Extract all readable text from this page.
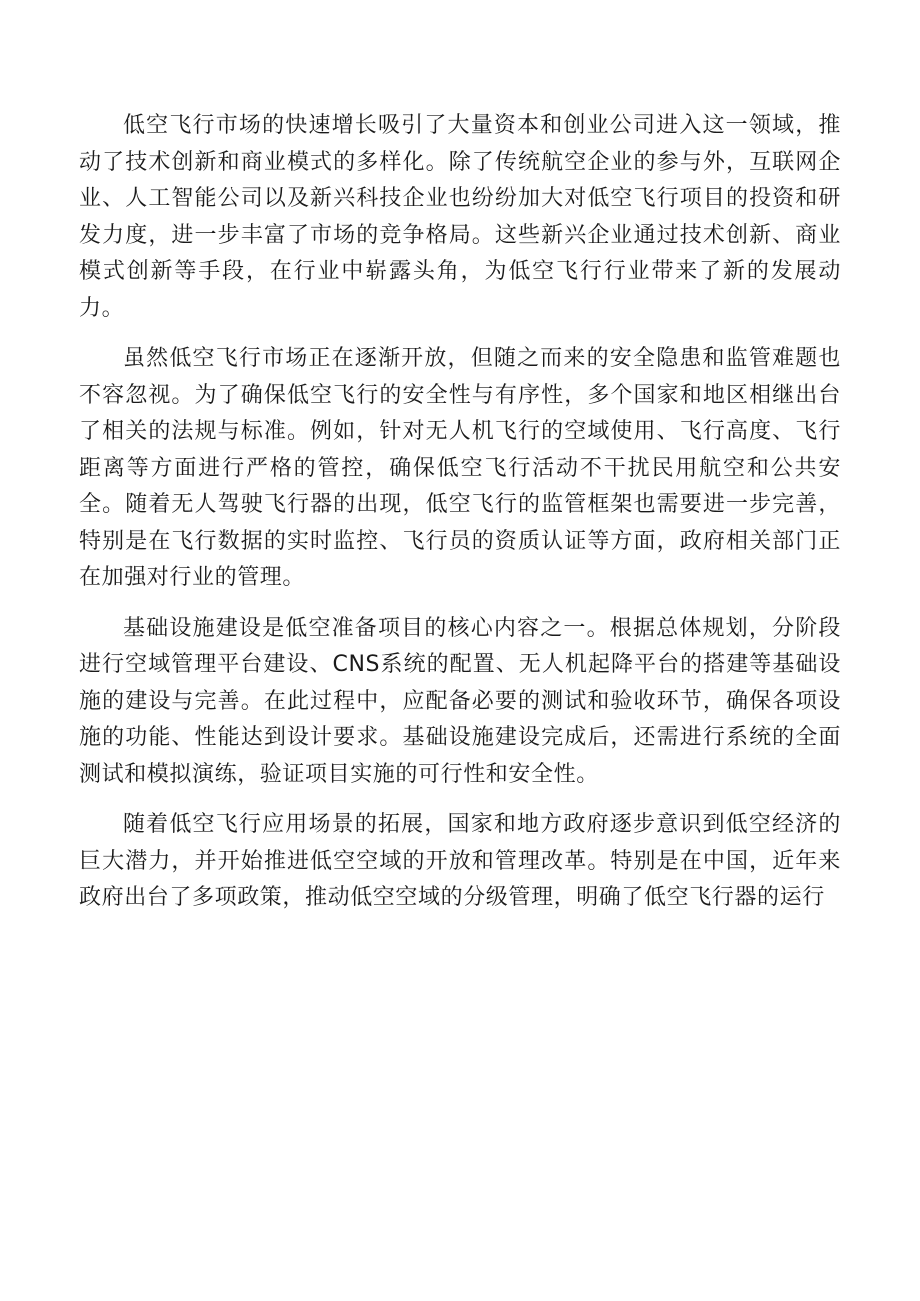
低空飞行市场的快速增长吸引了大量资本和创业公司进入这一领域，推动了技术创新和商业模式的多样化。除了传统航空企业的参与外，互联网企业、人工智能公司以及新兴科技企业也纷纷加大对低空飞行项目的投资和研发力度，进一步丰富了市场的竞争格局。这些新兴企业通过技术创新、商业模式创新等手段，在行业中崭露头角，为低空飞行行业带来了新的发展动力。

虽然低空飞行市场正在逐渐开放，但随之而来的安全隐患和监管难题也不容忽视。为了确保低空飞行的安全性与有序性，多个国家和地区相继出台了相关的法规与标准。例如，针对无人机飞行的空域使用、飞行高度、飞行距离等方面进行严格的管控，确保低空飞行活动不干扰民用航空和公共安全。随着无人驾驶飞行器的出现，低空飞行的监管框架也需要进一步完善，特别是在飞行数据的实时监控、飞行员的资质认证等方面，政府相关部门正在加强对行业的管理。

基础设施建设是低空准备项目的核心内容之一。根据总体规划，分阶段进行空域管理平台建设、CNS系统的配置、无人机起降平台的搭建等基础设施的建设与完善。在此过程中，应配备必要的测试和验收环节，确保各项设施的功能、性能达到设计要求。基础设施建设完成后，还需进行系统的全面测试和模拟演练，验证项目实施的可行性和安全性。

随着低空飞行应用场景的拓展，国家和地方政府逐步意识到低空经济的巨大潜力，并开始推进低空空域的开放和管理改革。特别是在中国，近年来政府出台了多项政策，推动低空空域的分级管理，明确了低空飞行器的运行
